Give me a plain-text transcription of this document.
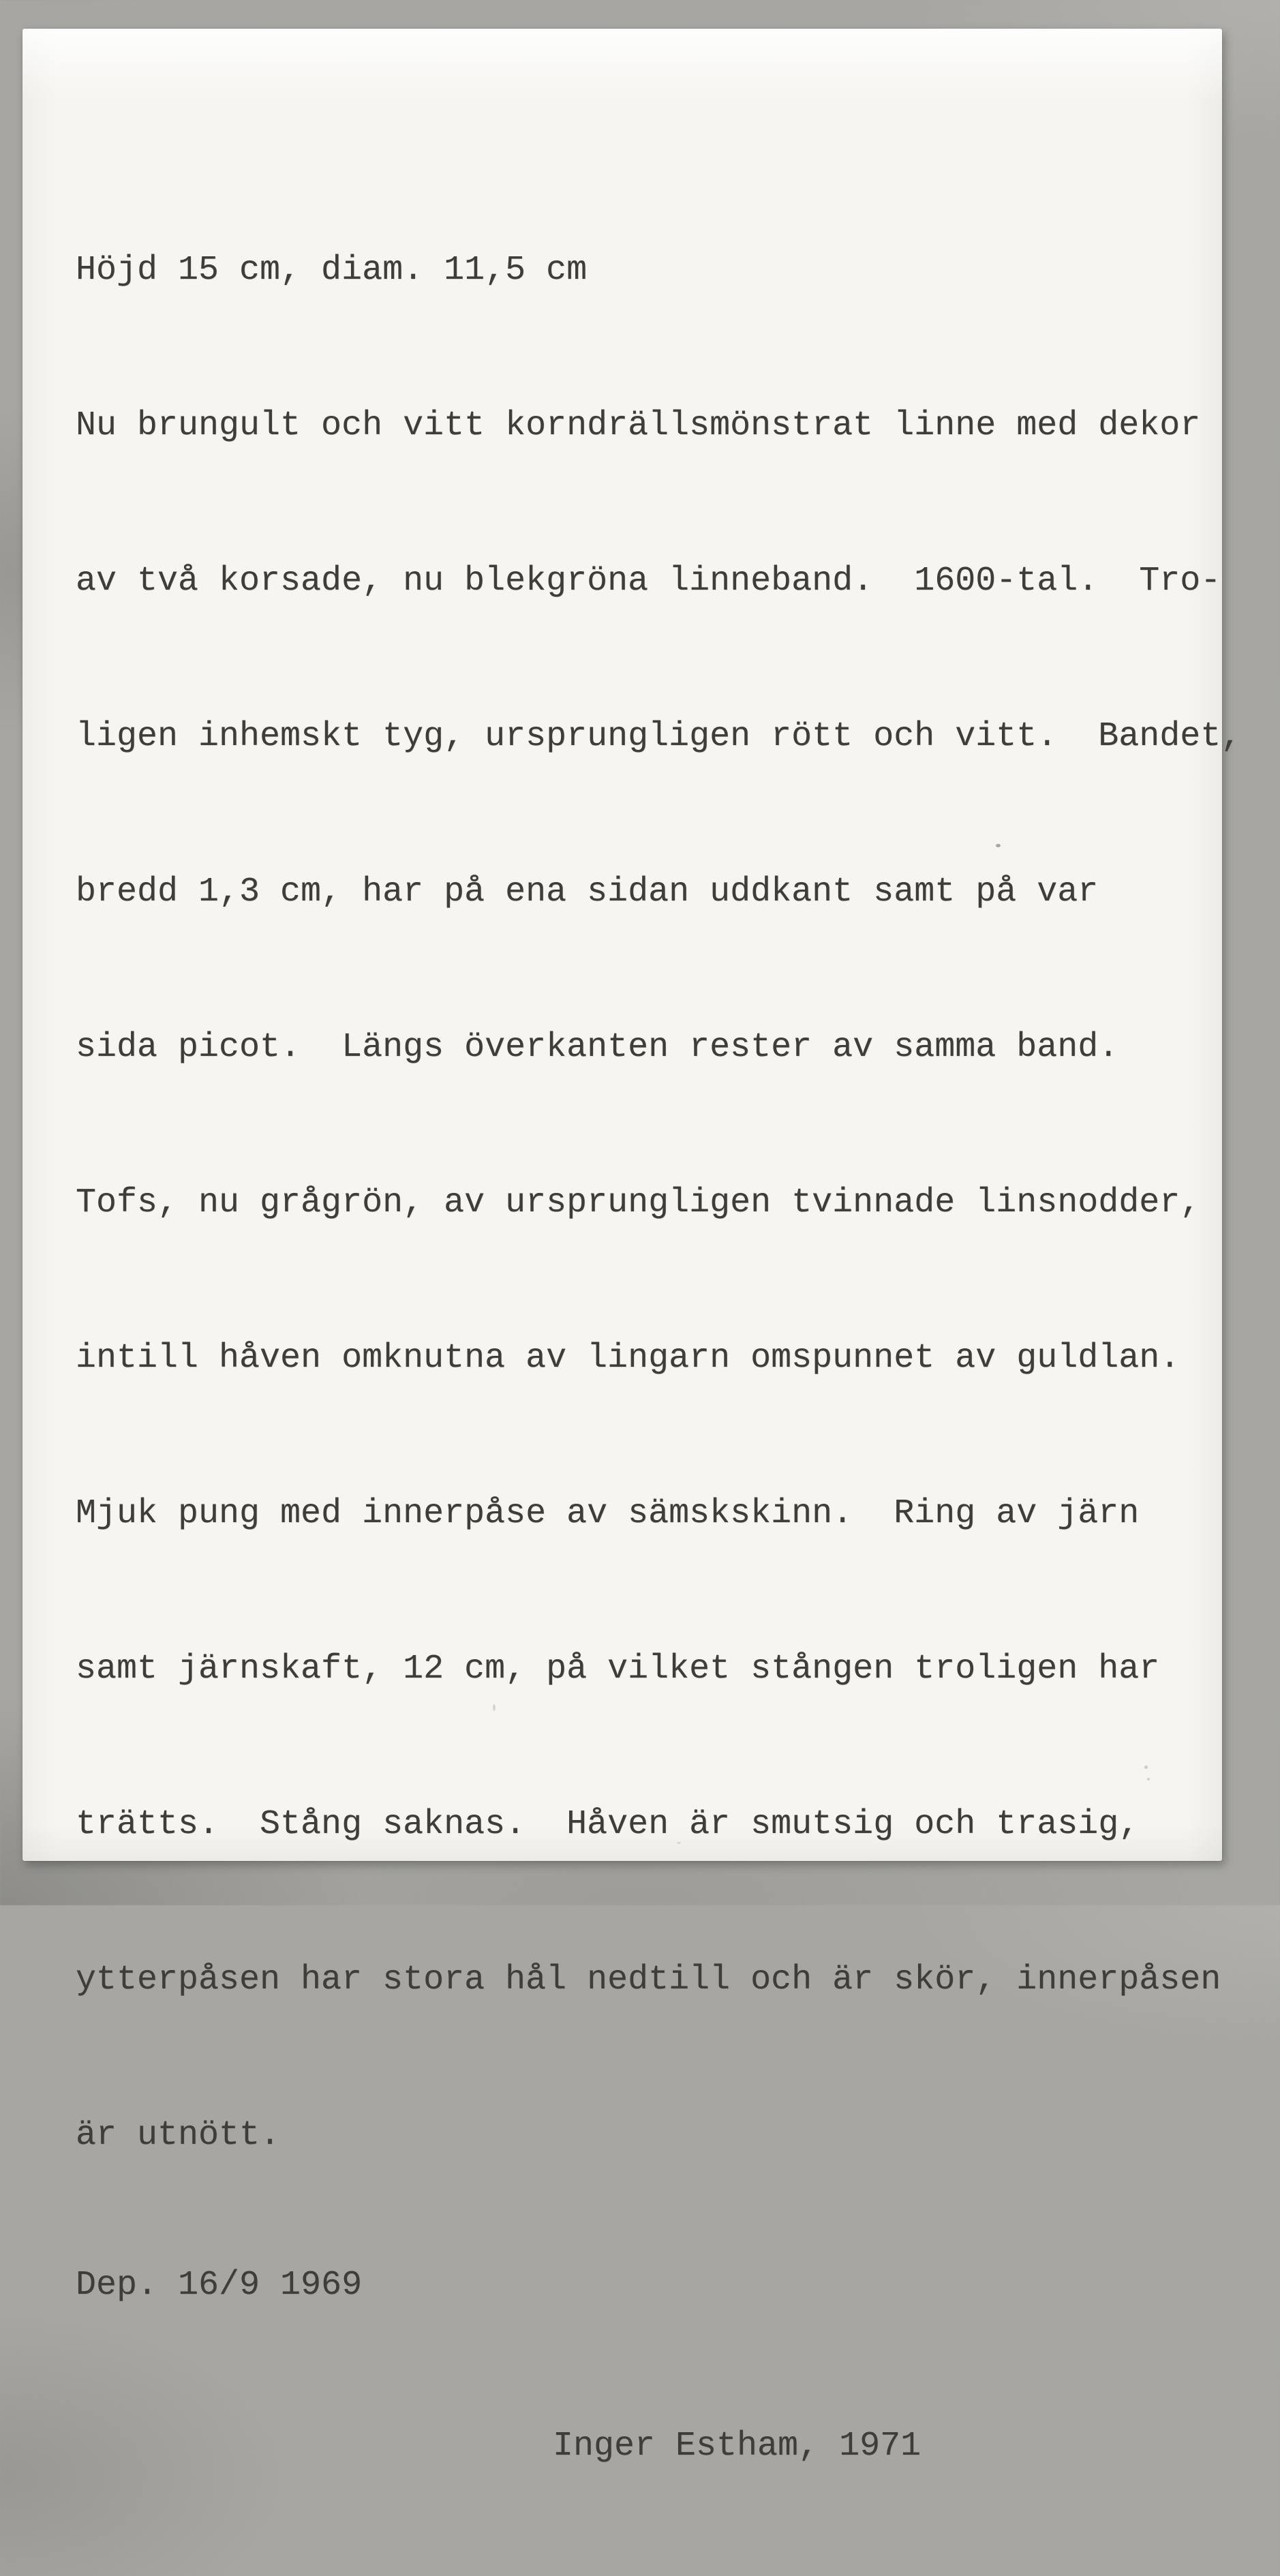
Höjd 15 cm, diam. 11,5 cm

Nu brungult och vitt korndrällsmönstrat linne med dekor

av två korsade, nu blekgröna linneband.  1600-tal.  Tro-

ligen inhemskt tyg, ursprungligen rött och vitt.  Bandet,

bredd 1,3 cm, har på ena sidan uddkant samt på var

sida picot.  Längs överkanten rester av samma band.

Tofs, nu grågrön, av ursprungligen tvinnade linsnodder,

intill håven omknutna av lingarn omspunnet av guldlan.

Mjuk pung med innerpåse av sämskskinn.  Ring av järn

samt järnskaft, 12 cm, på vilket stången troligen har

trätts.  Stång saknas.  Håven är smutsig och trasig,

ytterpåsen har stora hål nedtill och är skör, innerpåsen

är utnött.

Dep. 16/9 1969

Inger Estham, 1971
